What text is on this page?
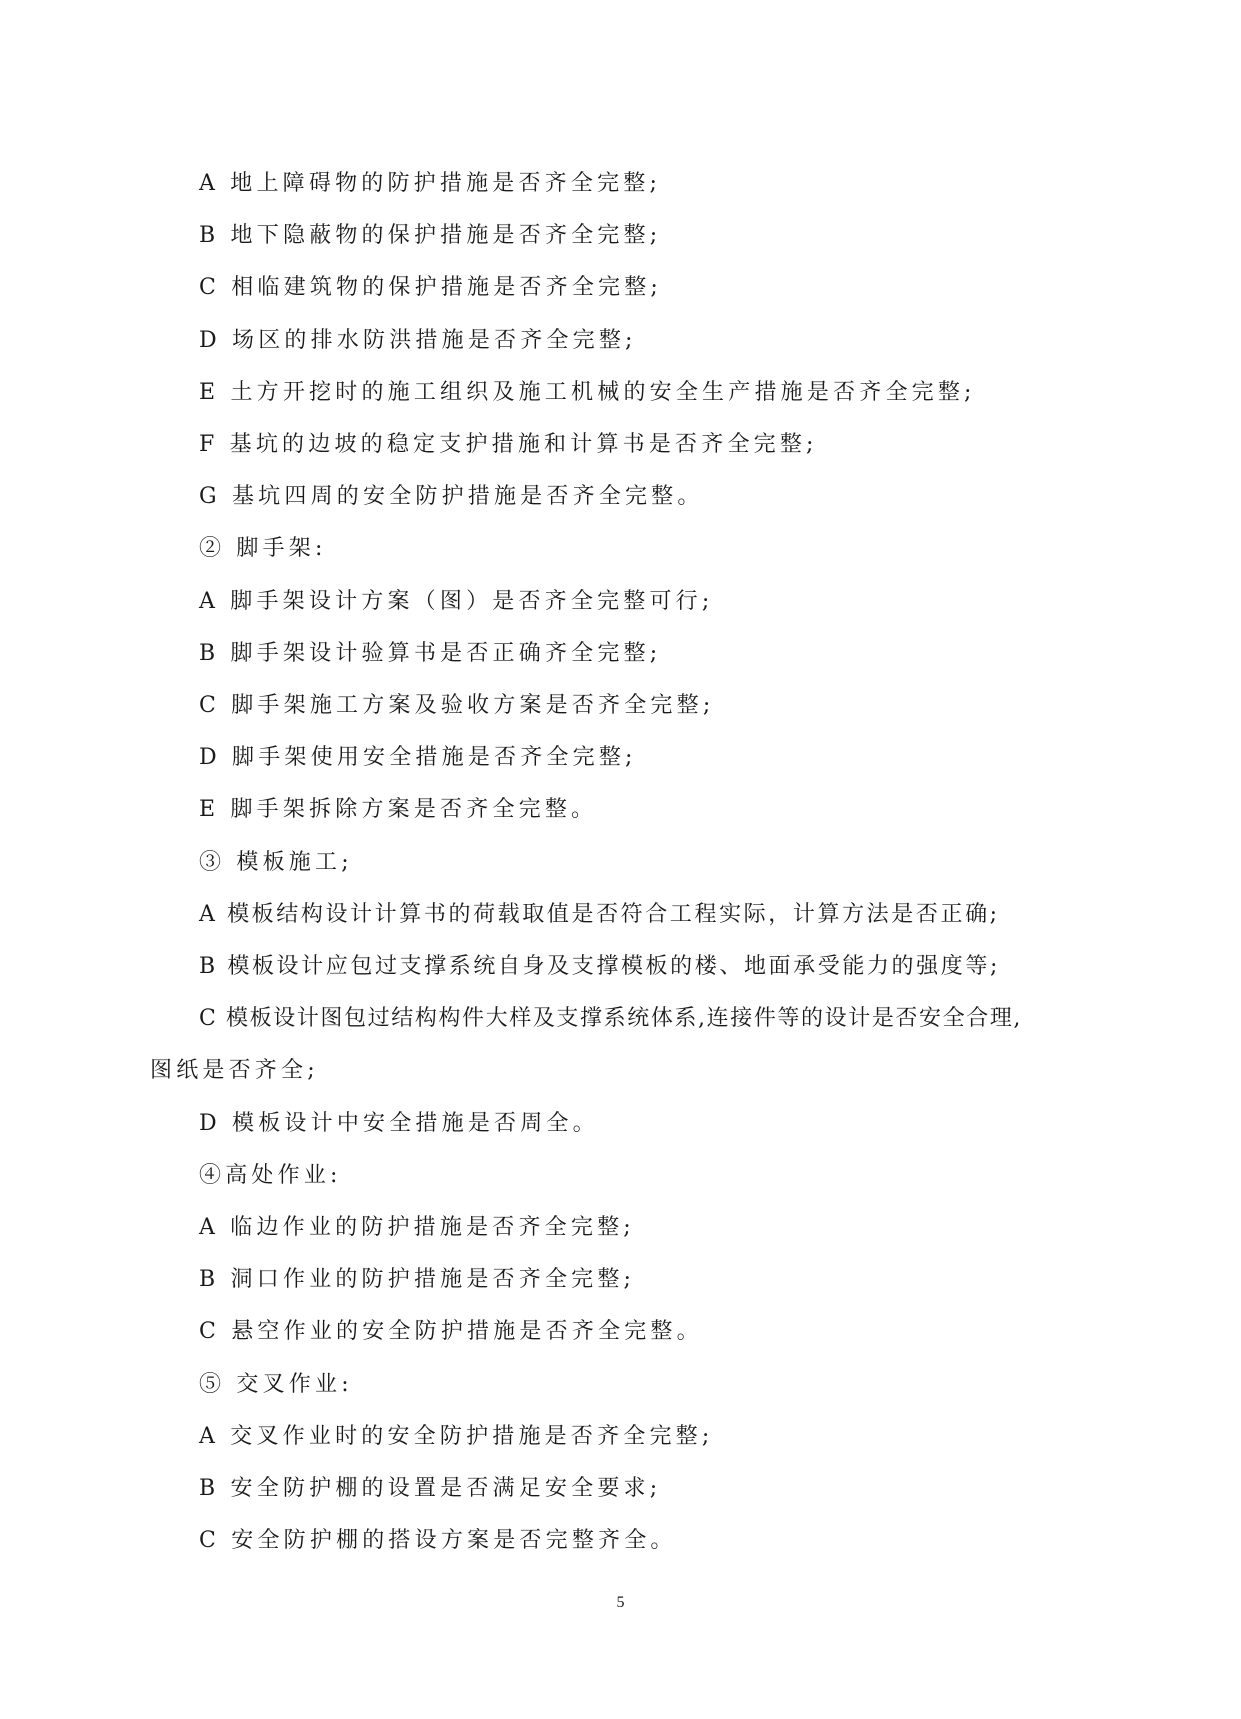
A 地上障碍物的防护措施是否齐全完整;
B 地下隐蔽物的保护措施是否齐全完整;
C 相临建筑物的保护措施是否齐全完整;
D 场区的排水防洪措施是否齐全完整;
E 土方开挖时的施工组织及施工机械的安全生产措施是否齐全完整;
F 基坑的边坡的稳定支护措施和计算书是否齐全完整;
G 基坑四周的安全防护措施是否齐全完整。
② 脚手架:
A 脚手架设计方案（图）是否齐全完整可行;
B 脚手架设计验算书是否正确齐全完整;
C 脚手架施工方案及验收方案是否齐全完整;
D 脚手架使用安全措施是否齐全完整;
E 脚手架拆除方案是否齐全完整。
③ 模板施工;
A 模板结构设计计算书的荷载取值是否符合工程实际，计算方法是否正确;
B 模板设计应包过支撑系统自身及支撑模板的楼、地面承受能力的强度等;
C 模板设计图包过结构构件大样及支撑系统体系,连接件等的设计是否安全合理,
图纸是否齐全;
D 模板设计中安全措施是否周全。
④高处作业:
A 临边作业的防护措施是否齐全完整;
B 洞口作业的防护措施是否齐全完整;
C 悬空作业的安全防护措施是否齐全完整。
⑤ 交叉作业:
A 交叉作业时的安全防护措施是否齐全完整;
B 安全防护棚的设置是否满足安全要求;
C 安全防护棚的搭设方案是否完整齐全。
5
